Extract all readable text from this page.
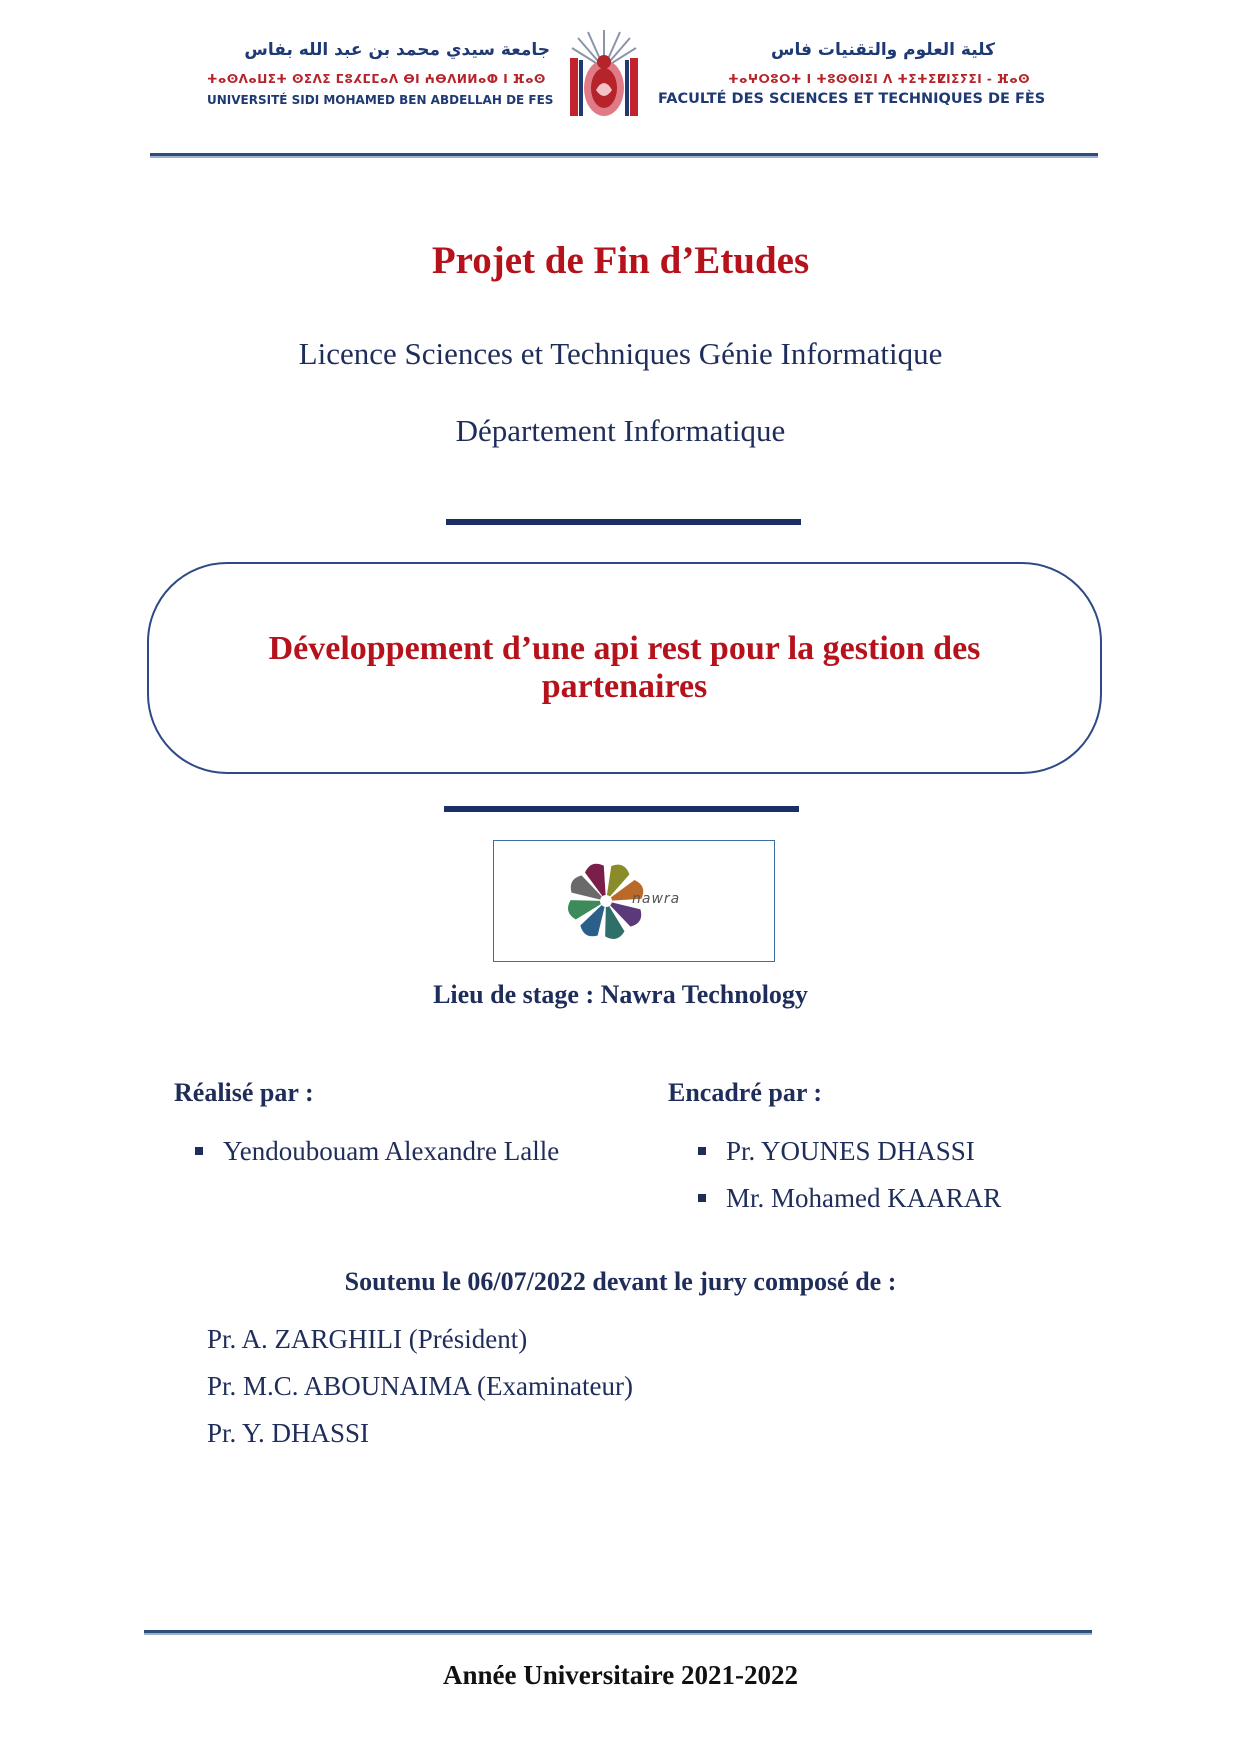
جامعة سيدي محمد بن عبد الله بفاس
ⵜⴰⵙⴷⴰⵡⵉⵜ ⵙⵉⴷⵉ ⵎⵓⵃⵎⵎⴰⴷ ⴱⵏ ⵄⴱⴷⵍⵍⴰⵀ ⵏ ⴼⴰⵙ
UNIVERSITÉ SIDI MOHAMED BEN ABDELLAH DE FES
كلية العلوم والتقنيات فاس
ⵜⴰⵖⵔⵓⵔⵜ ⵏ ⵜⵓⵙⵙⵏⵉⵏ ⴷ ⵜⵉⵜⵉⵇⵏⵉⵢⵉⵏ - ⴼⴰⵙ
FACULTÉ DES SCIENCES ET TECHNIQUES DE FÈS
Projet de Fin d’Etudes
Licence Sciences et Techniques Génie Informatique
Département Informatique
Développement d’une api rest pour la gestion des
partenaires
nawra
Lieu de stage : Nawra Technology
Réalisé par :
Yendoubouam Alexandre Lalle
Encadré par :
Pr. YOUNES DHASSI
Mr. Mohamed KAARAR
Soutenu le 06/07/2022 devant le jury composé de :
Pr. A. ZARGHILI (Président)
Pr. M.C. ABOUNAIMA (Examinateur)
Pr. Y. DHASSI
Année Universitaire 2021-2022
